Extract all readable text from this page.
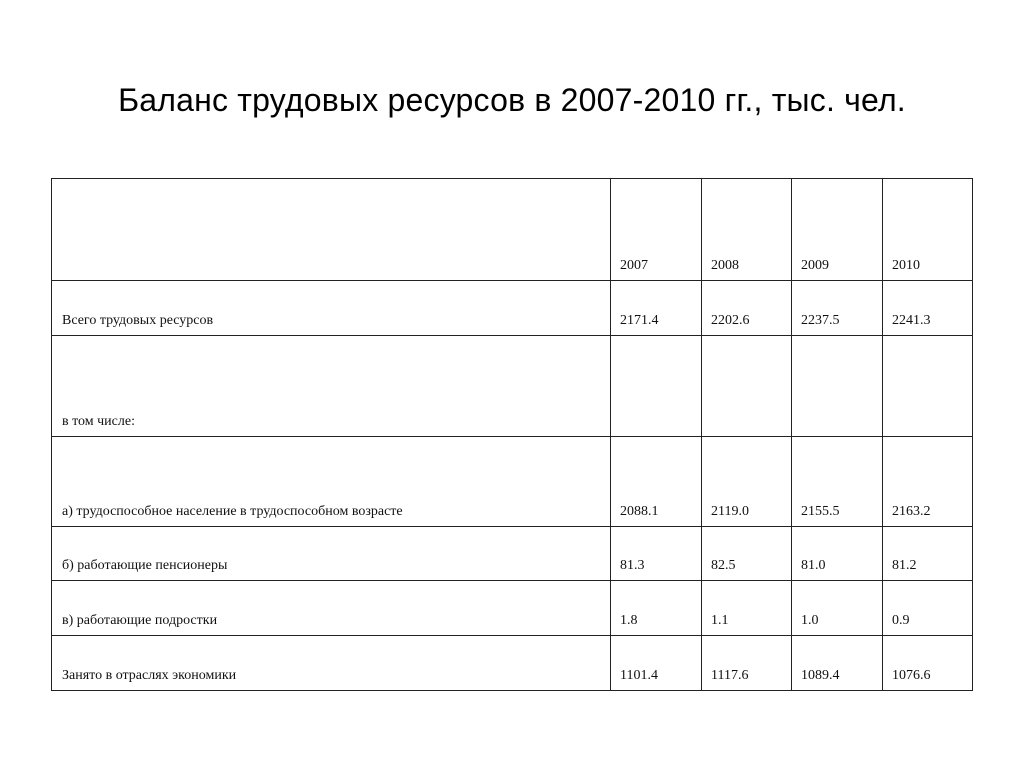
Баланс трудовых ресурсов в 2007-2010 гг., тыс. чел.
	2007	2008	2009	2010
Всего трудовых ресурсов	2171.4	2202.6	2237.5	2241.3
в том числе:				
а) трудоспособное население в трудоспособном возрасте	2088.1	2119.0	2155.5	2163.2
б) работающие пенсионеры	81.3	82.5	81.0	81.2
в) работающие подростки	1.8	1.1	1.0	0.9
Занято в отраслях экономики	1101.4	1117.6	1089.4	1076.6
